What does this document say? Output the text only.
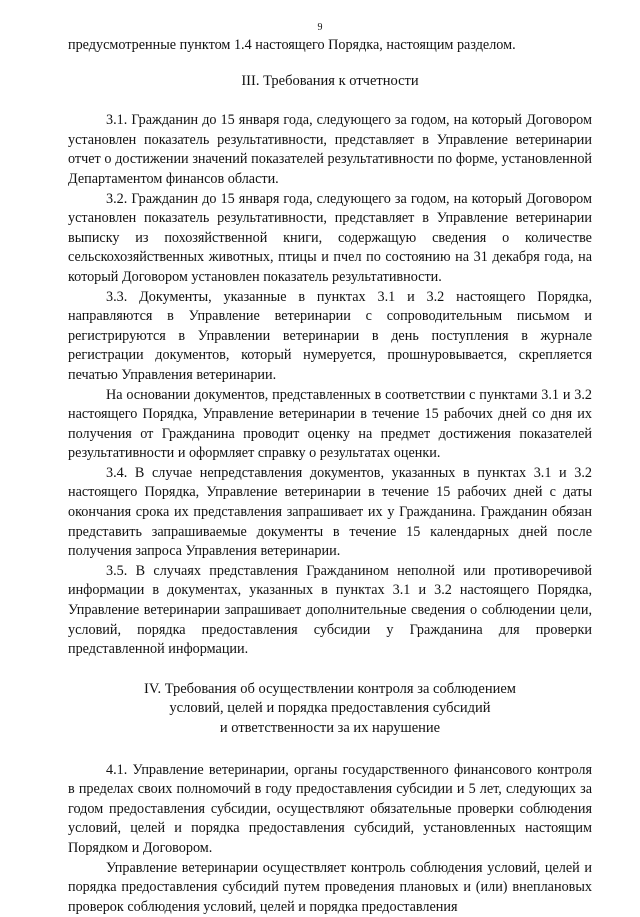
9

предусмотренные пунктом 1.4 настоящего Порядка, настоящим разделом.

III. Требования к отчетности

3.1. Гражданин до 15 января года, следующего за годом, на который Договором установлен показатель результативности, представляет в Управление ветеринарии отчет о достижении значений показателей результативности по форме, установленной Департаментом финансов области.

3.2. Гражданин до 15 января года, следующего за годом, на который Договором установлен показатель результативности, представляет в Управление ветеринарии выписку из похозяйственной книги, содержащую сведения о количестве сельскохозяйственных животных, птицы и пчел по состоянию на 31 декабря года, на который Договором установлен показатель результативности.

3.3. Документы, указанные в пунктах 3.1 и 3.2 настоящего Порядка, направляются в Управление ветеринарии с сопроводительным письмом и регистрируются в Управлении ветеринарии в день поступления в журнале регистрации документов, который нумеруется, прошнуровывается, скрепляется печатью Управления ветеринарии.

На основании документов, представленных в соответствии с пунктами 3.1 и 3.2 настоящего Порядка, Управление ветеринарии в течение 15 рабочих дней со дня их получения от Гражданина проводит оценку на предмет достижения показателей результативности и оформляет справку о результатах оценки.

3.4. В случае непредставления документов, указанных в пунктах 3.1 и 3.2 настоящего Порядка, Управление ветеринарии в течение 15 рабочих дней с даты окончания срока их представления запрашивает их у Гражданина. Гражданин обязан представить запрашиваемые документы в течение 15 календарных дней после получения запроса Управления ветеринарии.

3.5. В случаях представления Гражданином неполной или противоречивой информации в документах, указанных в пунктах 3.1 и 3.2 настоящего Порядка, Управление ветеринарии запрашивает дополнительные сведения о соблюдении цели, условий, порядка предоставления субсидии у Гражданина для проверки представленной информации.

IV. Требования об осуществлении контроля за соблюдением
условий, целей и порядка предоставления субсидий
и ответственности за их нарушение

4.1. Управление ветеринарии, органы государственного финансового контроля в пределах своих полномочий в году предоставления субсидии и 5 лет, следующих за годом предоставления субсидии, осуществляют обязательные проверки соблюдения условий, целей и порядка предоставления субсидий, установленных настоящим Порядком и Договором.

Управление ветеринарии осуществляет контроль соблюдения условий, целей и порядка предоставления субсидий путем проведения плановых и (или) внеплановых проверок соблюдения условий, целей и порядка предоставления
